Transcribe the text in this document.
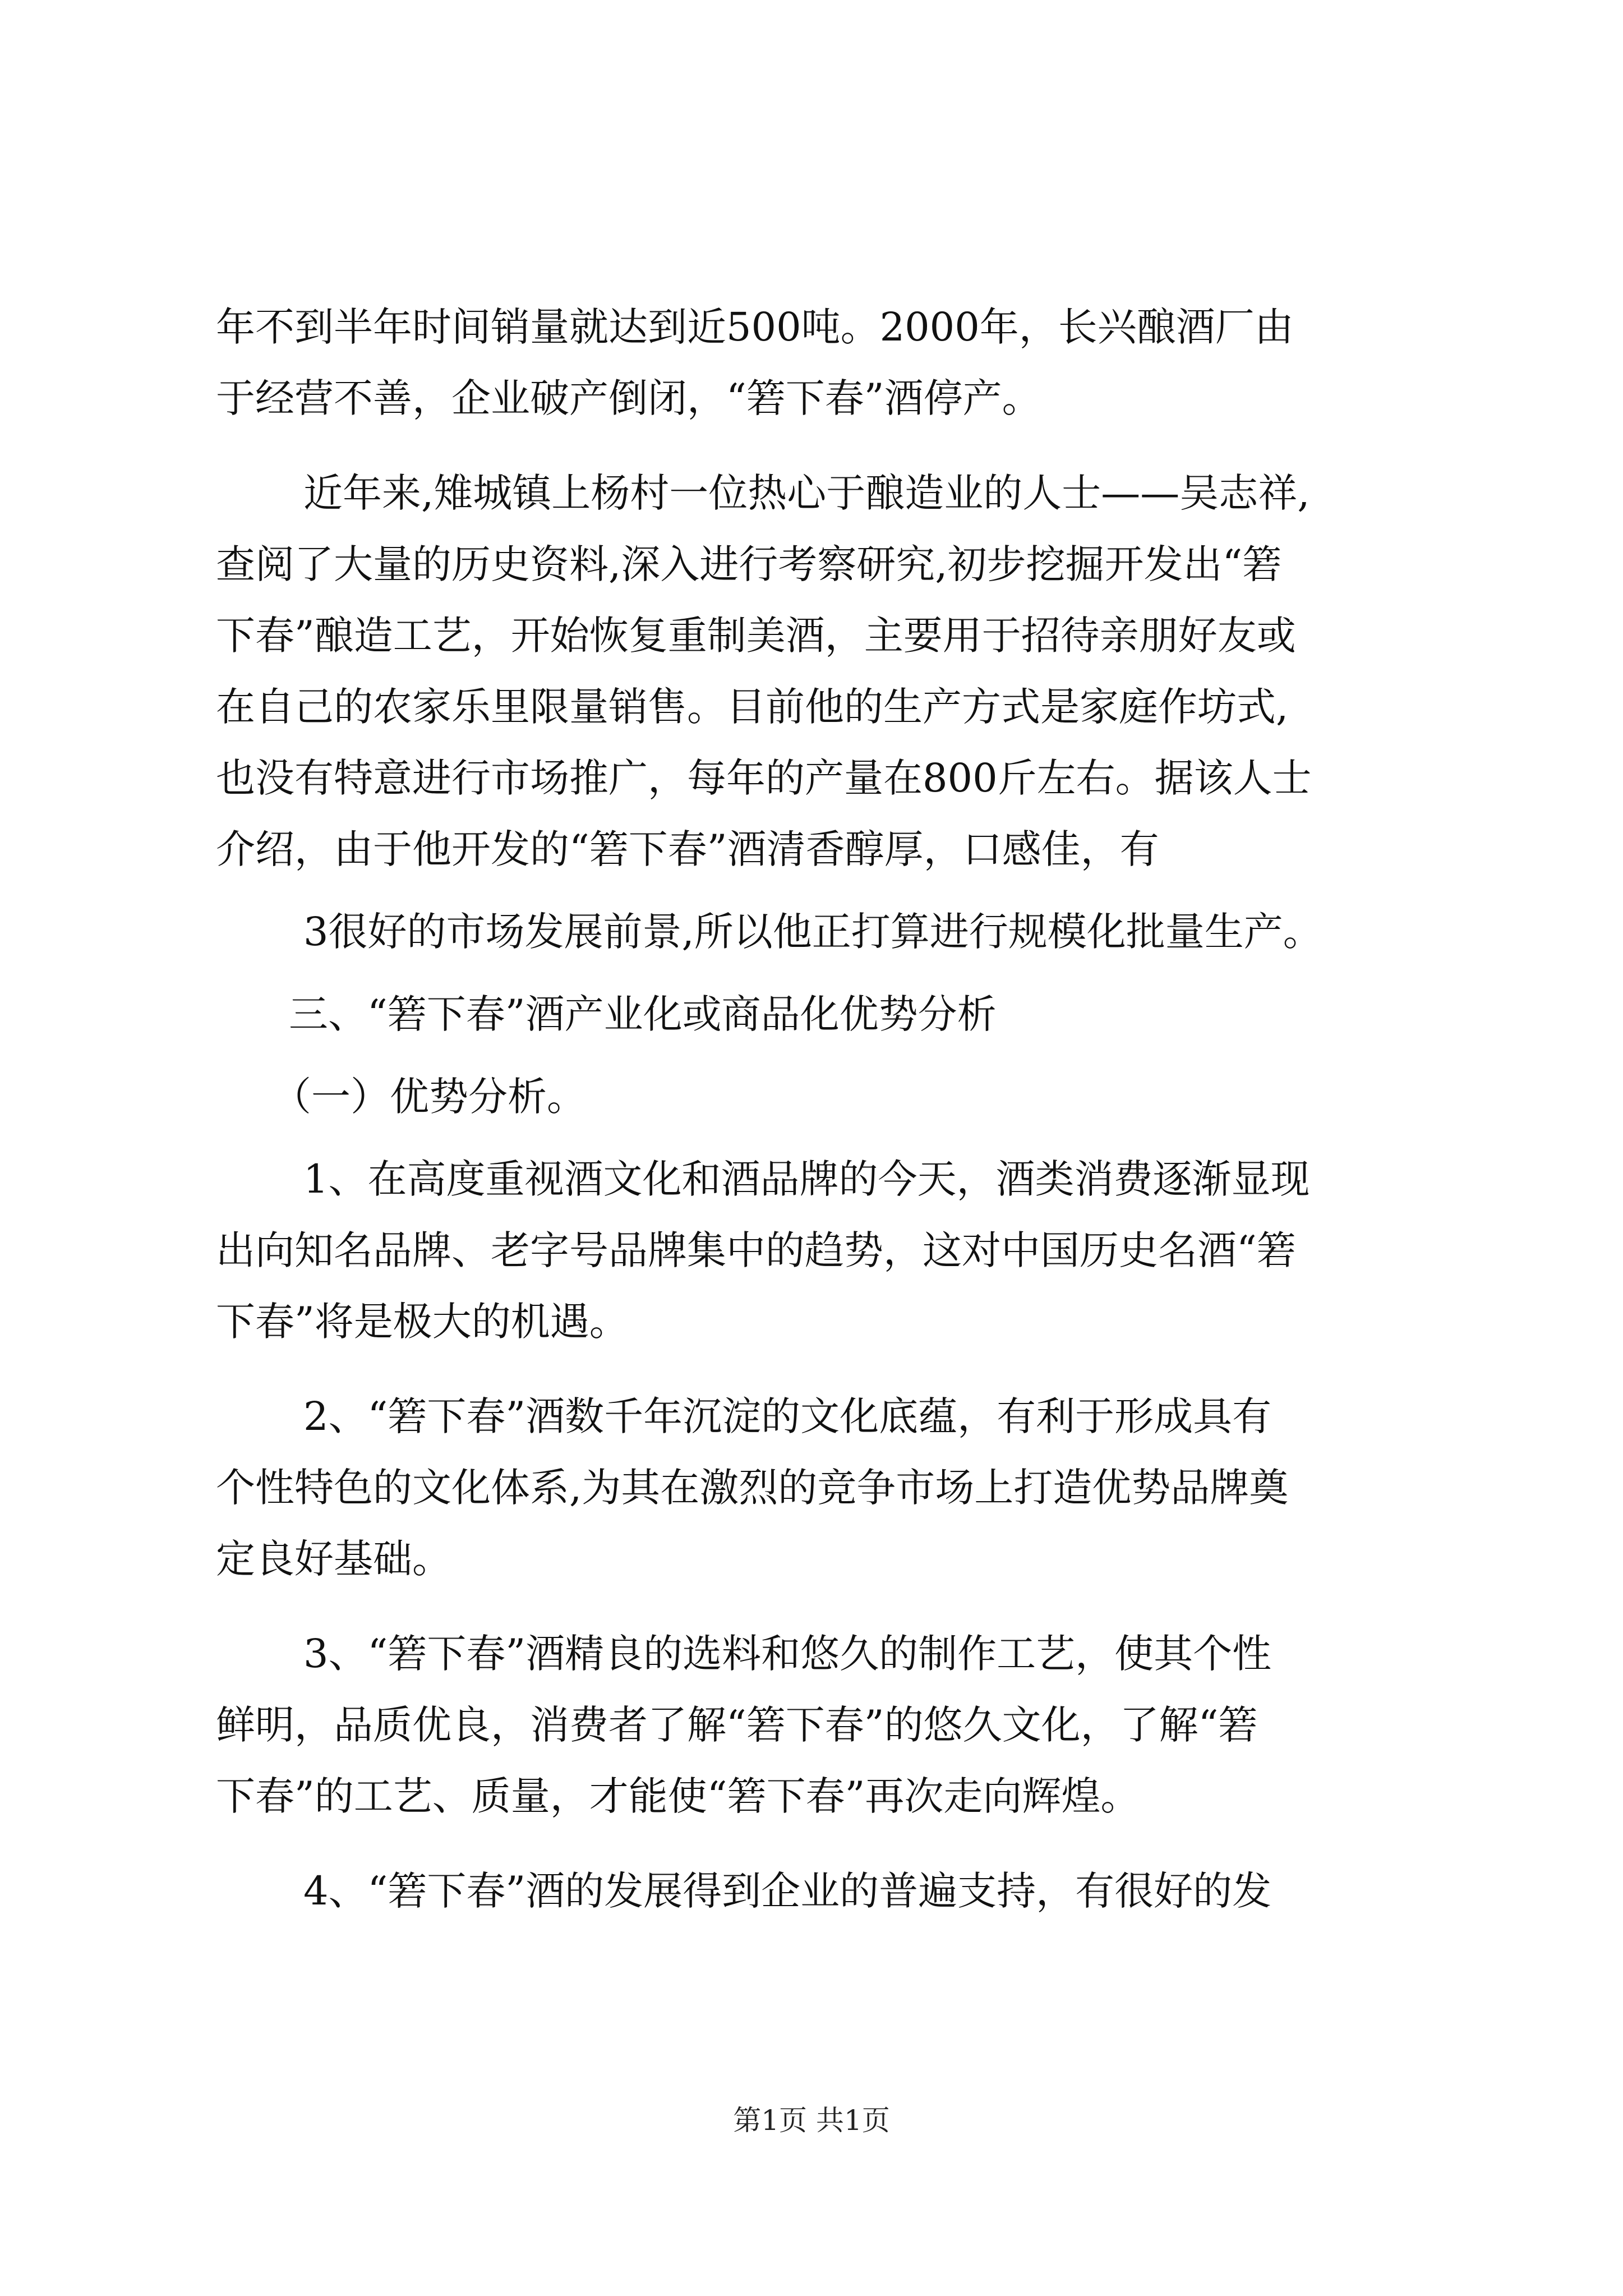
年不到半年时间销量就达到近500吨。2000年，长兴酿酒厂由
于经营不善，企业破产倒闭，“箬下春”酒停产。
近年来,雉城镇上杨村一位热心于酿造业的人士——吴志祥,
查阅了大量的历史资料,深入进行考察研究,初步挖掘开发出“箬
下春”酿造工艺，开始恢复重制美酒，主要用于招待亲朋好友或
在自己的农家乐里限量销售。目前他的生产方式是家庭作坊式,
也没有特意进行市场推广，每年的产量在800斤左右。据该人士
介绍，由于他开发的“箬下春”酒清香醇厚，口感佳，有
3很好的市场发展前景,所以他正打算进行规模化批量生产。
三、“箬下春”酒产业化或商品化优势分析
（一）优势分析。
1、在高度重视酒文化和酒品牌的今天，酒类消费逐渐显现
出向知名品牌、老字号品牌集中的趋势，这对中国历史名酒“箬
下春”将是极大的机遇。
2、“箬下春”酒数千年沉淀的文化底蕴，有利于形成具有
个性特色的文化体系,为其在激烈的竞争市场上打造优势品牌奠
定良好基础。
3、“箬下春”酒精良的选料和悠久的制作工艺，使其个性
鲜明，品质优良，消费者了解“箬下春”的悠久文化，了解“箬
下春”的工艺、质量，才能使“箬下春”再次走向辉煌。
4、“箬下春”酒的发展得到企业的普遍支持，有很好的发
第1页 共1页
